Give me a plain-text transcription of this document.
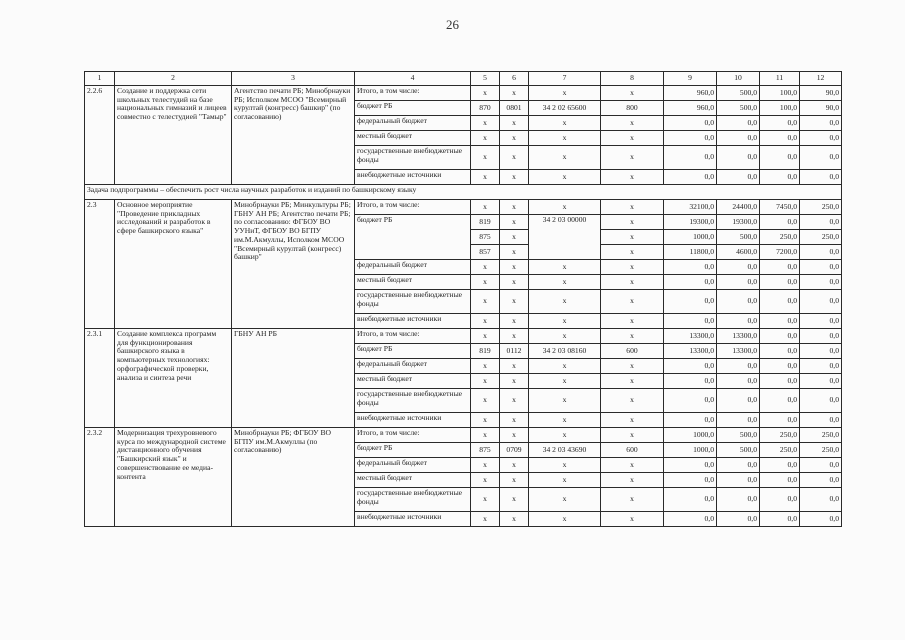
26
1	2	3	4	5	6	7	8	9	10	11	12
2.2.6	Создание и поддержка сети школьных телестудий на базе национальных гимназий и лицеев совместно с телестудией "Тамыр"	Агентство печати РБ; Минобрнауки РБ; Исполком МСОО "Всемирный курултай (конгресс) башкир" (по согласованию)	Итого, в том числе:	x	x	x	x	960,0	500,0	100,0	90,0
			бюджет РБ	870	0801	34 2 02 65600	800	960,0	500,0	100,0	90,0
			федеральный бюджет	x	x	x	x	0,0	0,0	0,0	0,0
			местный бюджет	x	x	x	x	0,0	0,0	0,0	0,0
			государственные внебюджетные фонды	x	x	x	x	0,0	0,0	0,0	0,0
			внебюджетные источники	x	x	x	x	0,0	0,0	0,0	0,0
Задача подпрограммы – обеспечить рост числа научных разработок и изданий по башкирскому языку											
2.3	Основное мероприятие "Проведение прикладных исследований и разработок в сфере башкирского языка"	Минобрнауки РБ; Минкультуры РБ; ГБНУ АН РБ; Агентство печати РБ; по согласованию: ФГБОУ ВО УУНиТ, ФГБОУ ВО БГПУ им.М.Акмуллы, Исполком МСОО "Всемирный курултай (конгресс) башкир"	Итого, в том числе:	x	x	x	x	32100,0	24400,0	7450,0	250,0
			бюджет РБ	819	x	34 2 03 00000	x	19300,0	19300,0	0,0	0,0
				875	x		x	1000,0	500,0	250,0	250,0
				857	x		x	11800,0	4600,0	7200,0	0,0
			федеральный бюджет	x	x	x	x	0,0	0,0	0,0	0,0
			местный бюджет	x	x	x	x	0,0	0,0	0,0	0,0
			государственные внебюджетные фонды	x	x	x	x	0,0	0,0	0,0	0,0
			внебюджетные источники	x	x	x	x	0,0	0,0	0,0	0,0
2.3.1	Создание комплекса программ для функционирования башкирского языка в компьютерных технологиях: орфографической проверки, анализа и синтеза речи	ГБНУ АН РБ	Итого, в том числе:	x	x	x	x	13300,0	13300,0	0,0	0,0
			бюджет РБ	819	0112	34 2 03 08160	600	13300,0	13300,0	0,0	0,0
			федеральный бюджет	x	x	x	x	0,0	0,0	0,0	0,0
			местный бюджет	x	x	x	x	0,0	0,0	0,0	0,0
			государственные внебюджетные фонды	x	x	x	x	0,0	0,0	0,0	0,0
			внебюджетные источники	x	x	x	x	0,0	0,0	0,0	0,0
2.3.2	Модернизация трехуровневого курса по международной системе дистанционного обучения "Башкирский язык" и совершенствование ее медиа-контента	Минобрнауки РБ; ФГБОУ ВО БГПУ им.М.Акмуллы (по согласованию)	Итого, в том числе:	x	x	x	x	1000,0	500,0	250,0	250,0
			бюджет РБ	875	0709	34 2 03 43690	600	1000,0	500,0	250,0	250,0
			федеральный бюджет	x	x	x	x	0,0	0,0	0,0	0,0
			местный бюджет	x	x	x	x	0,0	0,0	0,0	0,0
			государственные внебюджетные фонды	x	x	x	x	0,0	0,0	0,0	0,0
			внебюджетные источники	x	x	x	x	0,0	0,0	0,0	0,0
